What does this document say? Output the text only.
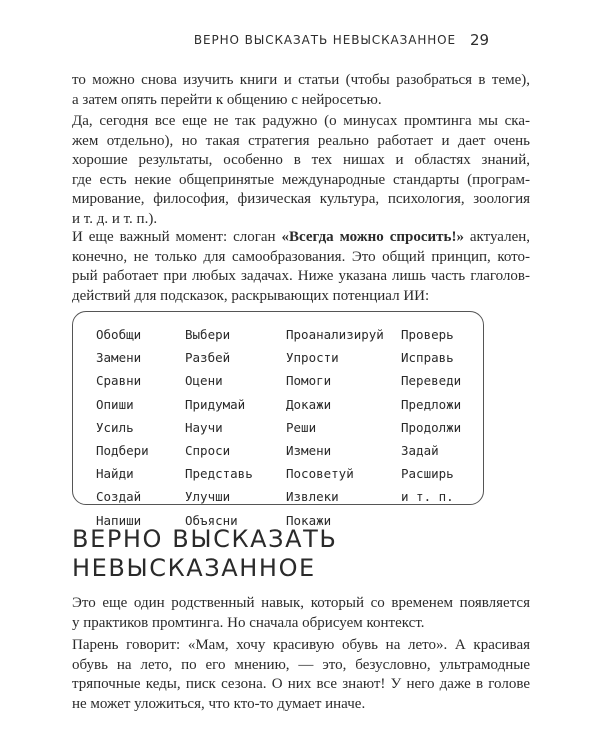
ВЕРНО ВЫСКАЗАТЬ НЕВЫСКАЗАННОЕ 29

то можно снова изучить книги и статьи (чтобы разобраться в теме),
а затем опять перейти к общению с нейросетью.

Да, сегодня все еще не так радужно (о минусах промтинга мы ска-
жем отдельно), но такая стратегия реально работает и дает очень
хорошие результаты, особенно в тех нишах и областях знаний,
где есть некие общепринятые международные стандарты (програм-
мирование, философия, физическая культура, психология, зоология
и т. д. и т. п.).

И еще важный момент: слоган «Всегда можно спросить!» актуален,
конечно, не только для самообразования. Это общий принцип, кото-
рый работает при любых задачах. Ниже указана лишь часть глаголов-
действий для подсказок, раскрывающих потенциал ИИ:

Обобщи
Замени
Сравни
Опиши
Усиль
Подбери
Найди
Создай
Напиши
Выбери
Разбей
Оцени
Придумай
Научи
Спроси
Представь
Улучши
Объясни
Проанализируй
Упрости
Помоги
Докажи
Реши
Измени
Посоветуй
Извлеки
Покажи
Проверь
Исправь
Переведи
Предложи
Продолжи
Задай
Расширь
и т. п.
ВЕРНО ВЫСКАЗАТЬ
НЕВЫСКАЗАННОЕ

Это еще один родственный навык, который со временем появляется
у практиков промтинга. Но сначала обрисуем контекст.

Парень говорит: «Мам, хочу красивую обувь на лето». А красивая
обувь на лето, по его мнению, — это, безусловно, ультрамодные
тряпочные кеды, писк сезона. О них все знают! У него даже в голове
не может уложиться, что кто-то думает иначе.
